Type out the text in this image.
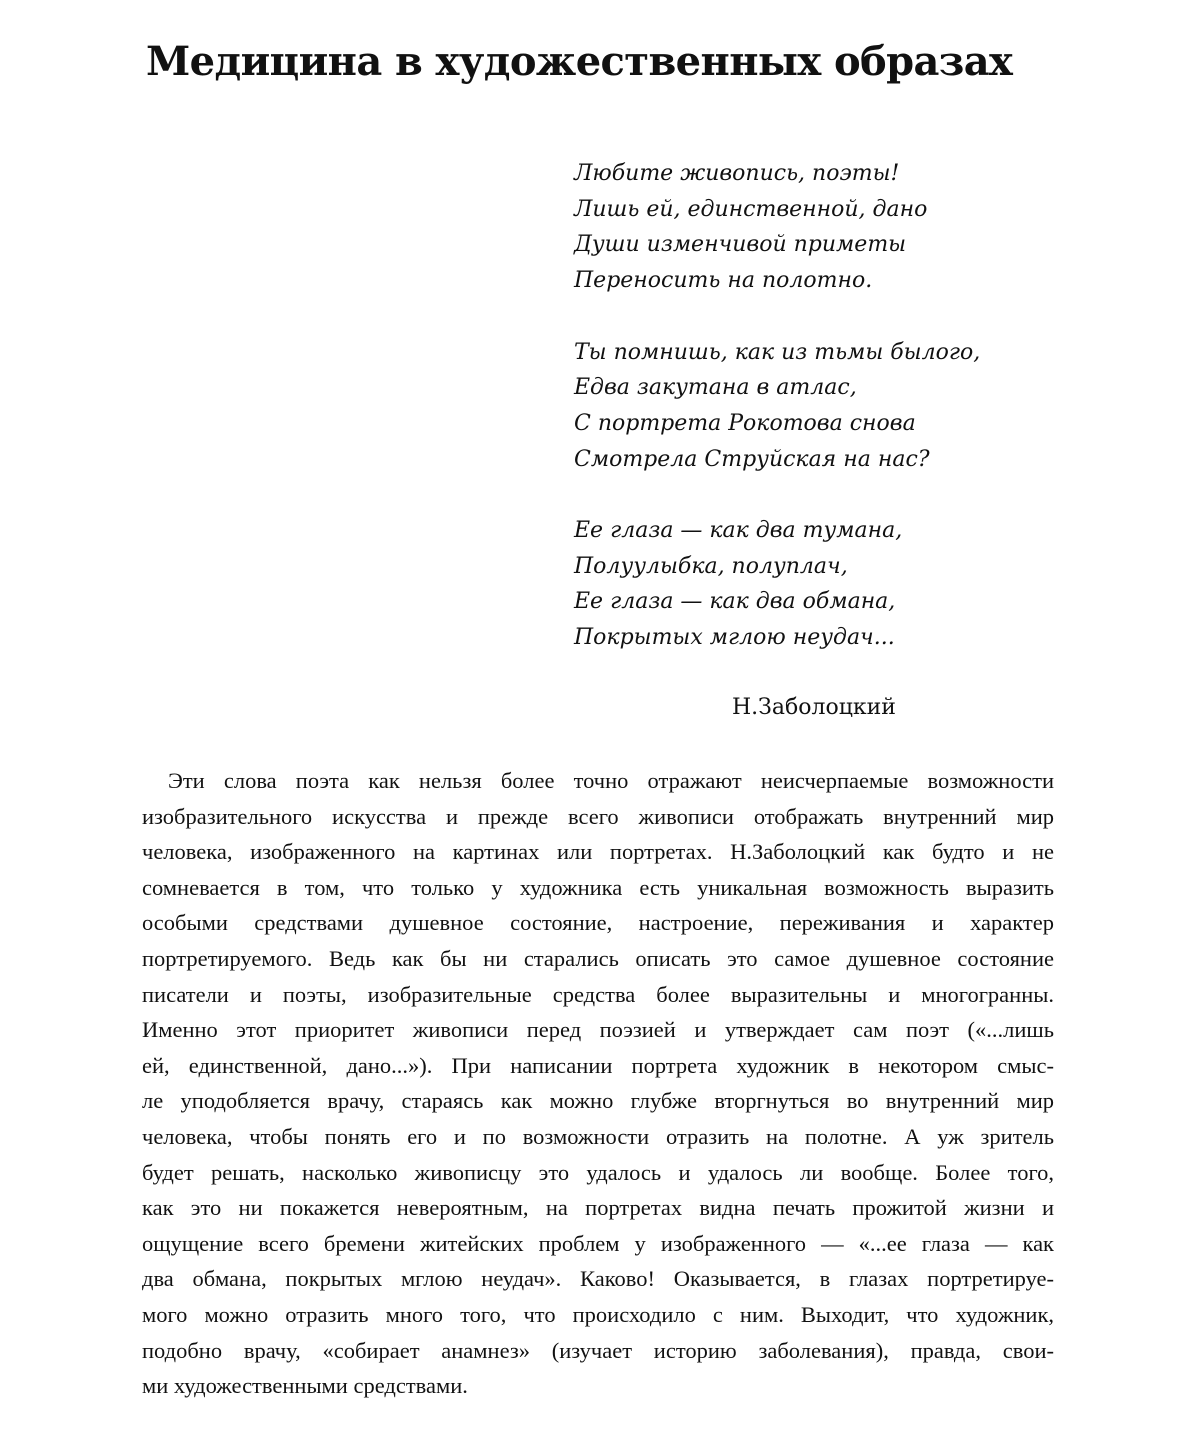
Медицина в художественных образах
Любите живопись, поэты!
Лишь ей, единственной, дано
Души изменчивой приметы
Переносить на полотно.
Ты помнишь, как из тьмы былого,
Едва закутана в атлас,
С портрета Рокотова снова
Смотрела Струйская на нас?
Ее глаза — как два тумана,
Полуулыбка, полуплач,
Ее глаза — как два обмана,
Покрытых мглою неудач...
Н.Заболоцкий
Эти слова поэта как нельзя более точно отражают неисчерпаемые возможности
изобразительного искусства и прежде всего живописи отображать внутренний мир
человека, изображенного на картинах или портретах. Н.Заболоцкий как будто и не
сомневается в том, что только у художника есть уникальная возможность выразить
особыми средствами душевное состояние, настроение, переживания и характер
портретируемого. Ведь как бы ни старались описать это самое душевное состояние
писатели и поэты, изобразительные средства более выразительны и многогранны.
Именно этот приоритет живописи перед поэзией и утверждает сам поэт («...лишь
ей, единственной, дано...»). При написании портрета художник в некотором смыс-
ле уподобляется врачу, стараясь как можно глубже вторгнуться во внутренний мир
человека, чтобы понять его и по возможности отразить на полотне. А уж зритель
будет решать, насколько живописцу это удалось и удалось ли вообще. Более того,
как это ни покажется невероятным, на портретах видна печать прожитой жизни и
ощущение всего бремени житейских проблем у изображенного — «...ее глаза — как
два обмана, покрытых мглою неудач». Каково! Оказывается, в глазах портретируе-
мого можно отразить много того, что происходило с ним. Выходит, что художник,
подобно врачу, «собирает анамнез» (изучает историю заболевания), правда, свои-
ми художественными средствами.
